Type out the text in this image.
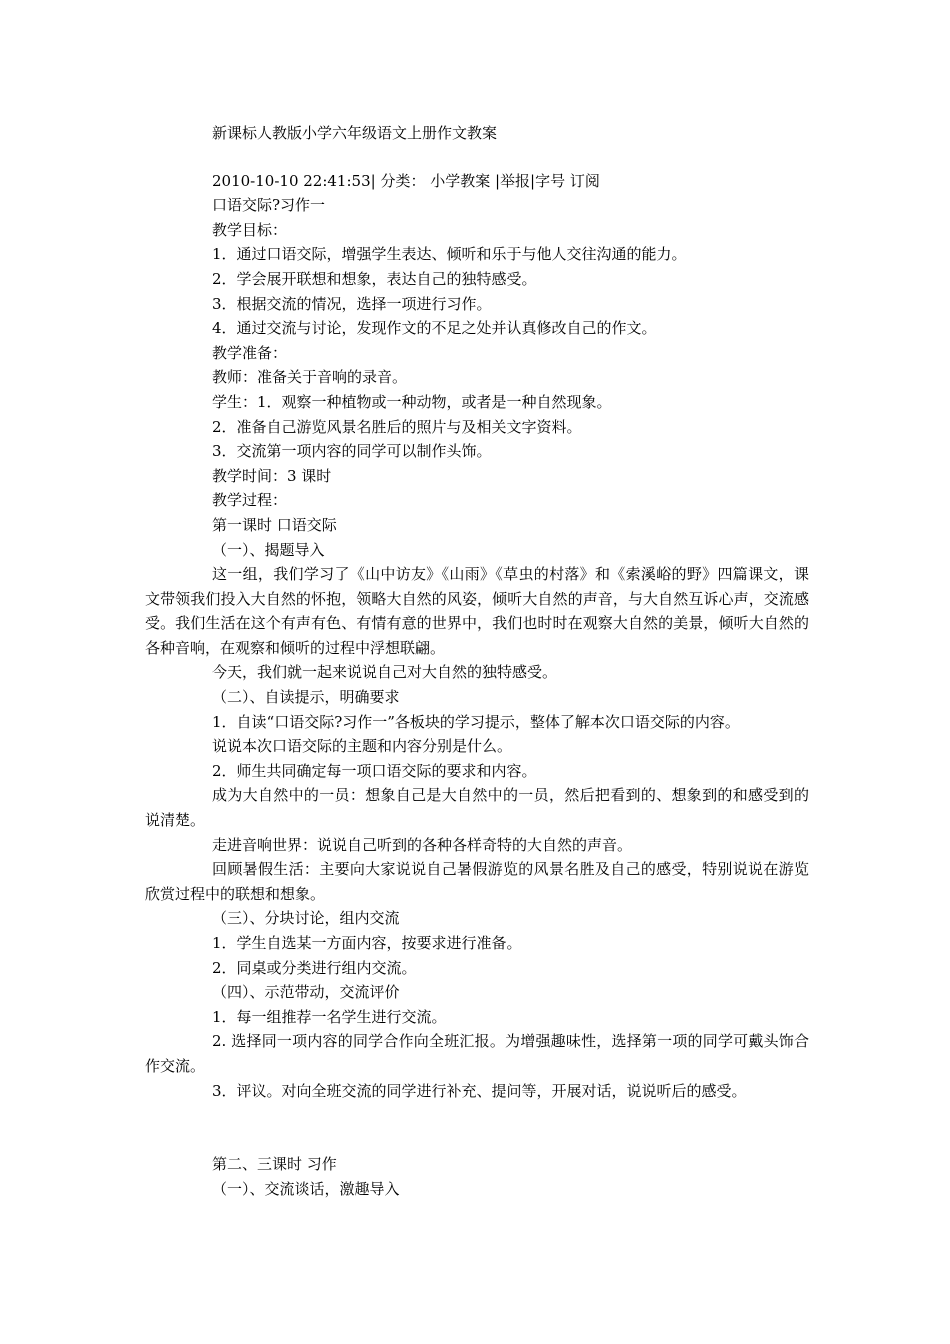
新课标人教版小学六年级语文上册作文教案

2010-10-10 22:41:53| 分类： 小学教案 |举报|字号 订阅

口语交际?习作一

教学目标：

1．通过口语交际，增强学生表达、倾听和乐于与他人交往沟通的能力。

2．学会展开联想和想象，表达自己的独特感受。

3．根据交流的情况，选择一项进行习作。

4．通过交流与讨论，发现作文的不足之处并认真修改自己的作文。

教学准备：

教师：准备关于音响的录音。

学生：1．观察一种植物或一种动物，或者是一种自然现象。

2．准备自己游览风景名胜后的照片与及相关文字资料。

3．交流第一项内容的同学可以制作头饰。

教学时间：3 课时

教学过程：

第一课时 口语交际

（一）、揭题导入

这一组，我们学习了《山中访友》《山雨》《草虫的村落》和《索溪峪的野》四篇课文，课文带领我们投入大自然的怀抱，领略大自然的风姿，倾听大自然的声音，与大自然互诉心声，交流感受。我们生活在这个有声有色、有情有意的世界中，我们也时时在观察大自然的美景，倾听大自然的各种音响，在观察和倾听的过程中浮想联翩。

今天，我们就一起来说说自己对大自然的独特感受。

（二）、自读提示，明确要求

1．自读“口语交际?习作一”各板块的学习提示，整体了解本次口语交际的内容。

说说本次口语交际的主题和内容分别是什么。

2．师生共同确定每一项口语交际的要求和内容。

成为大自然中的一员：想象自己是大自然中的一员，然后把看到的、想象到的和感受到的说清楚。

走进音响世界：说说自己听到的各种各样奇特的大自然的声音。

回顾暑假生活：主要向大家说说自己暑假游览的风景名胜及自己的感受，特别说说在游览欣赏过程中的联想和想象。

（三）、分块讨论，组内交流

1．学生自选某一方面内容，按要求进行准备。

2．同桌或分类进行组内交流。

（四）、示范带动，交流评价

1．每一组推荐一名学生进行交流。

2. 选择同一项内容的同学合作向全班汇报。为增强趣味性，选择第一项的同学可戴头饰合作交流。

3．评议。对向全班交流的同学进行补充、提问等，开展对话，说说听后的感受。

第二、三课时 习作

（一）、交流谈话，激趣导入
